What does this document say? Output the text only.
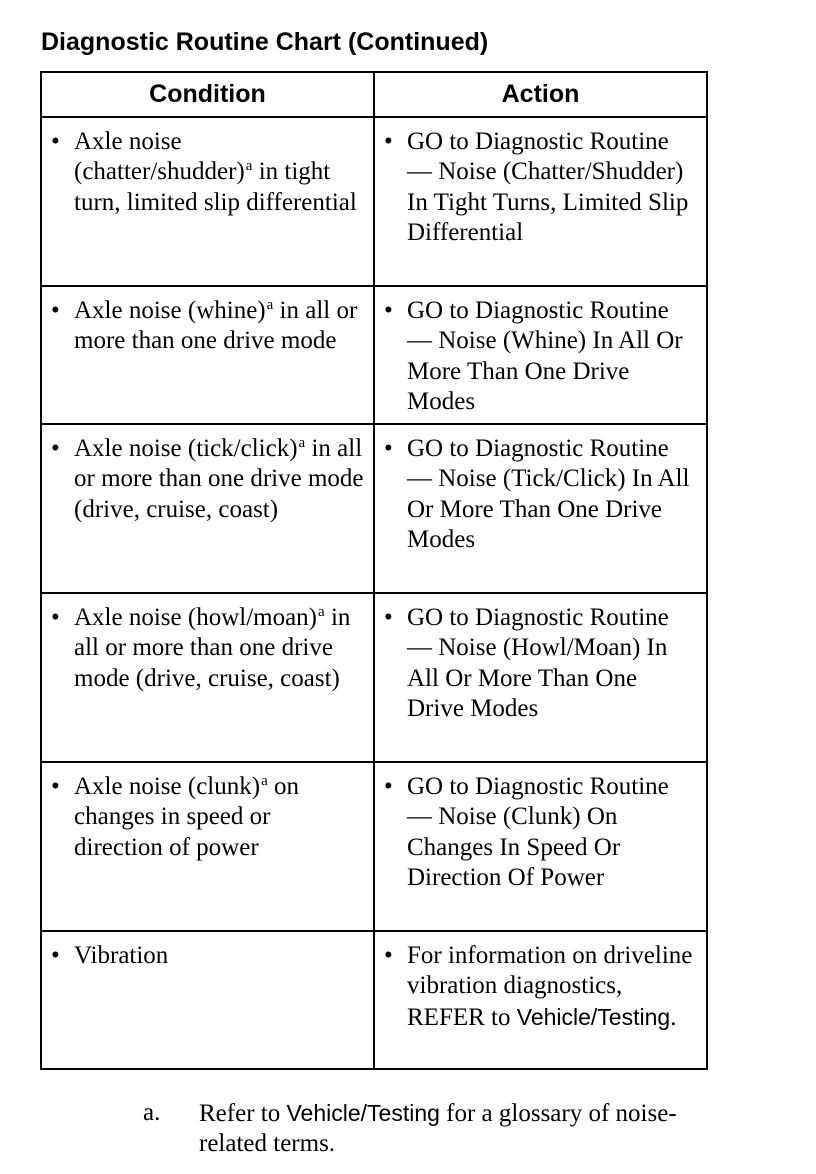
Diagnostic Routine Chart (Continued)
Condition	Action

• Axle noise (chatter/shudder)$^a$ in tight turn, limited slip differential	• GO to Diagnostic Routine — Noise (Chatter/Shudder) In Tight Turns, Limited Slip Differential

• Axle noise (whine)$^a$ in all or more than one drive mode	• GO to Diagnostic Routine — Noise (Whine) In All Or More Than One Drive Modes

• Axle noise (tick/click)$^a$ in all or more than one drive mode (drive, cruise, coast)	• GO to Diagnostic Routine — Noise (Tick/Click) In All Or More Than One Drive Modes

• Axle noise (howl/moan)$^a$ in all or more than one drive mode (drive, cruise, coast)	• GO to Diagnostic Routine — Noise (Howl/Moan) In All Or More Than One Drive Modes

• Axle noise (clunk)$^a$ on changes in speed or direction of power	• GO to Diagnostic Routine — Noise (Clunk) On Changes In Speed Or Direction Of Power

• Vibration	• For information on driveline vibration diagnostics, REFER to Vehicle/Testing.
a. Refer to Vehicle/Testing for a glossary of noise-related terms.
